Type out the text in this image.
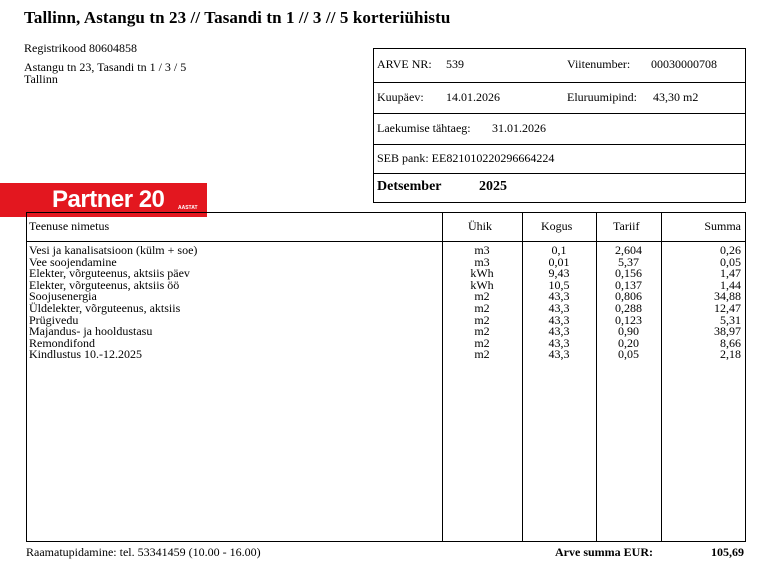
Tallinn, Astangu tn 23 // Tasandi tn 1 // 3 // 5 korteriühistu
Registrikood 80604858
Astangu tn 23, Tasandi tn 1 / 3 / 5
Tallinn
ARVE NR: 539	Viitenumber: 00030000708
Kuupäev: 14.01.2026	Eluruumipind: 43,30 m2
Laekumise tähtaeg: 31.01.2026
SEB pank: EE821010220296664224
Detsember	2025
Partner 20	AASTAT
Teenuse nimetus	Ühik	Kogus	Tariif	Summa
Vesi ja kanalisatsioon (külm + soe)	m3	0,1	2,604	0,26
Vee soojendamine	m3	0,01	5,37	0,05
Elekter, võrguteenus, aktsiis päev	kWh	9,43	0,156	1,47
Elekter, võrguteenus, aktsiis öö	kWh	10,5	0,137	1,44
Soojusenergia	m2	43,3	0,806	34,88
Üldelekter, võrguteenus, aktsiis	m2	43,3	0,288	12,47
Prügivedu	m2	43,3	0,123	5,31
Majandus- ja hooldustasu	m2	43,3	0,90	38,97
Remondifond	m2	43,3	0,20	8,66
Kindlustus 10.-12.2025	m2	43,3	0,05	2,18
Raamatupidamine: tel. 53341459 (10.00 - 16.00)	Arve summa EUR:	105,69
